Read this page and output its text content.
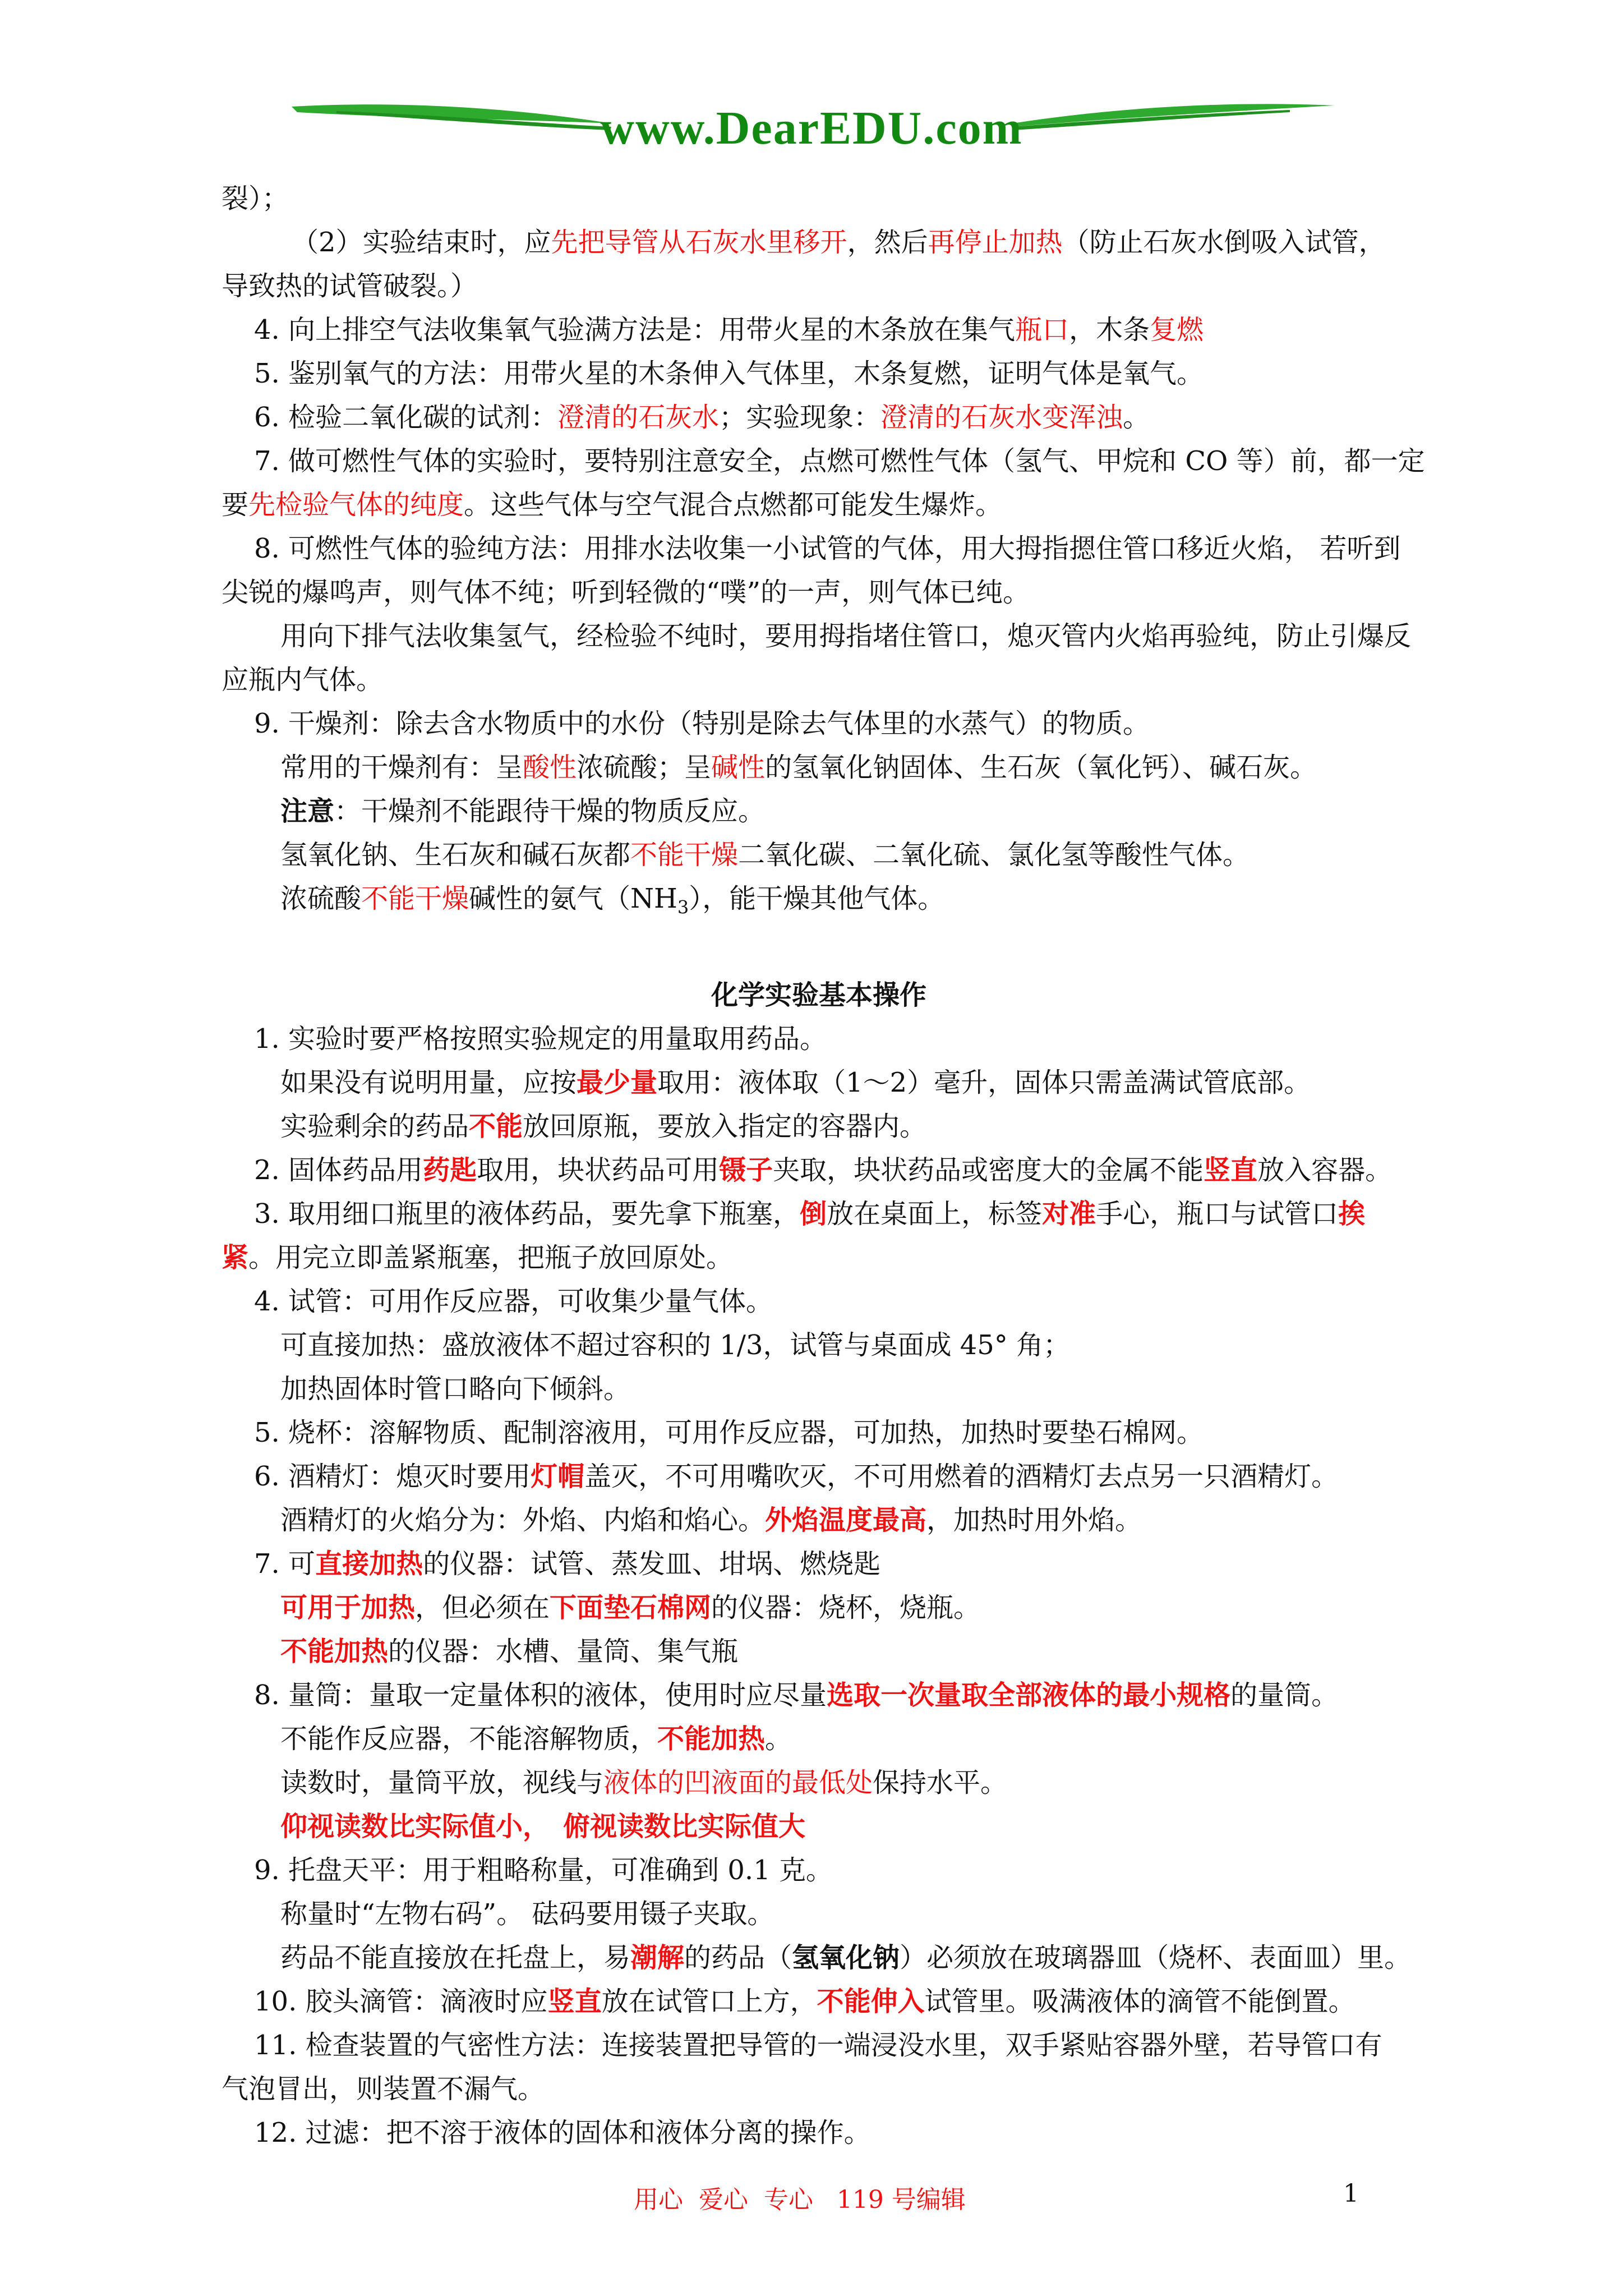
www.DearEDU.com
裂）；
（2）实验结束时，应先把导管从石灰水里移开，然后再停止加热（防止石灰水倒吸入试管，
导致热的试管破裂。）
4. 向上排空气法收集氧气验满方法是：用带火星的木条放在集气瓶口，木条复燃
5. 鉴别氧气的方法：用带火星的木条伸入气体里，木条复燃，证明气体是氧气。
6. 检验二氧化碳的试剂：澄清的石灰水；实验现象：澄清的石灰水变浑浊。
7. 做可燃性气体的实验时，要特别注意安全，点燃可燃性气体（氢气、甲烷和 CO 等）前，都一定
要先检验气体的纯度。这些气体与空气混合点燃都可能发生爆炸。
8. 可燃性气体的验纯方法：用排水法收集一小试管的气体，用大拇指摁住管口移近火焰， 若听到
尖锐的爆鸣声，则气体不纯；听到轻微的“噗”的一声，则气体已纯。
用向下排气法收集氢气，经检验不纯时，要用拇指堵住管口，熄灭管内火焰再验纯，防止引爆反
应瓶内气体。
9. 干燥剂：除去含水物质中的水份（特别是除去气体里的水蒸气）的物质。
常用的干燥剂有：呈酸性浓硫酸；呈碱性的氢氧化钠固体、生石灰（氧化钙）、碱石灰。
注意：干燥剂不能跟待干燥的物质反应。
氢氧化钠、生石灰和碱石灰都不能干燥二氧化碳、二氧化硫、氯化氢等酸性气体。
浓硫酸不能干燥碱性的氨气$(NH_3)$，能干燥其他气体。
化学实验基本操作
1. 实验时要严格按照实验规定的用量取用药品。
如果没有说明用量，应按最少量取用：液体取（1～2）毫升，固体只需盖满试管底部。
实验剩余的药品不能放回原瓶，要放入指定的容器内。
2. 固体药品用药匙取用，块状药品可用镊子夹取，块状药品或密度大的金属不能竖直放入容器。
3. 取用细口瓶里的液体药品，要先拿下瓶塞，倒放在桌面上，标签对准手心，瓶口与试管口挨
紧。用完立即盖紧瓶塞，把瓶子放回原处。
4. 试管：可用作反应器，可收集少量气体。
可直接加热：盛放液体不超过容积的 1/3，试管与桌面成 45° 角；
加热固体时管口略向下倾斜。
5. 烧杯：溶解物质、配制溶液用，可用作反应器，可加热，加热时要垫石棉网。
6. 酒精灯：熄灭时要用灯帽盖灭，不可用嘴吹灭，不可用燃着的酒精灯去点另一只酒精灯。
酒精灯的火焰分为：外焰、内焰和焰心。外焰温度最高，加热时用外焰。
7. 可直接加热的仪器：试管、蒸发皿、坩埚、燃烧匙
可用于加热，但必须在下面垫石棉网的仪器：烧杯，烧瓶。
不能加热的仪器：水槽、量筒、集气瓶
8. 量筒：量取一定量体积的液体，使用时应尽量选取一次量取全部液体的最小规格的量筒。
不能作反应器，不能溶解物质，不能加热。
读数时，量筒平放，视线与液体的凹液面的最低处保持水平。
仰视读数比实际值小，　俯视读数比实际值大
9. 托盘天平：用于粗略称量，可准确到 0.1 克。
称量时“左物右码”。 砝码要用镊子夹取。
药品不能直接放在托盘上，易潮解的药品（氢氧化钠）必须放在玻璃器皿（烧杯、表面皿）里。
10. 胶头滴管：滴液时应竖直放在试管口上方，不能伸入试管里。吸满液体的滴管不能倒置。
11. 检查装置的气密性方法：连接装置把导管的一端浸没水里，双手紧贴容器外壁，若导管口有
气泡冒出，则装置不漏气。
12. 过滤：把不溶于液体的固体和液体分离的操作。
用心  爱心  专心   119 号编辑	1
